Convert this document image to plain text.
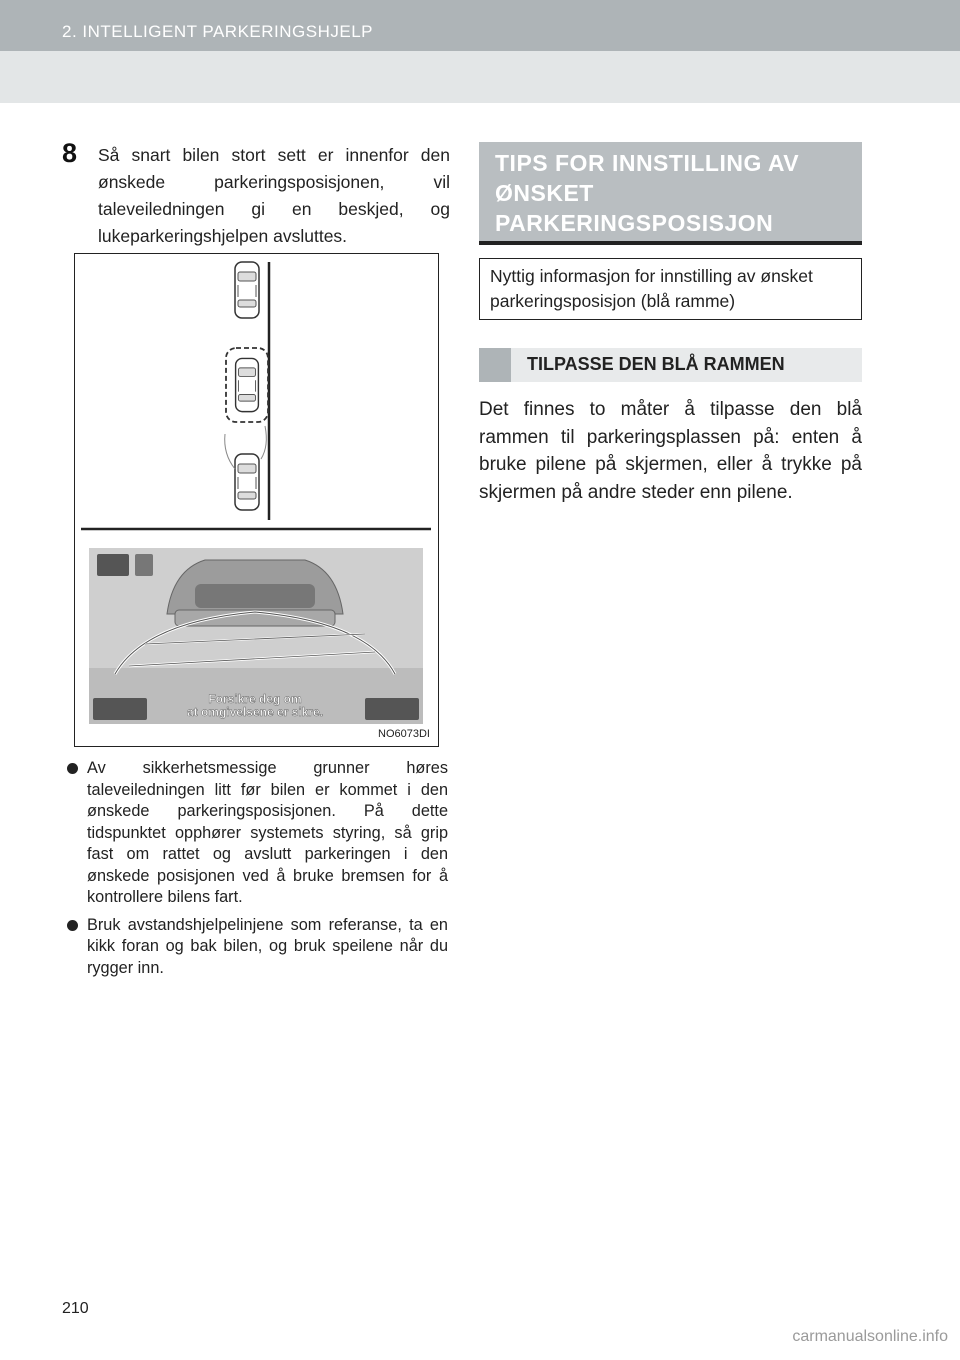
2. INTELLIGENT PARKERINGSHJELP
8 Så snart bilen stort sett er innenfor den ønskede parkeringsposisjonen, vil taleveiledningen gi en beskjed, og lukeparkeringshjelpen avsluttes.
Forsikre deg om
at omgivelsene er sikre.
NO6073DI
Av sikkerhetsmessige grunner høres taleveiledningen litt før bilen er kommet i den ønskede parkeringsposisjonen. På dette tidspunktet opphører systemets styring, så grip fast om rattet og avslutt parkeringen i den ønskede posisjonen ved å bruke bremsen for å kontrollere bilens fart.
Bruk avstandshjelpelinjene som referanse, ta en kikk foran og bak bilen, og bruk speilene når du rygger inn.
TIPS FOR INNSTILLING AV ØNSKET PARKERINGSPOSISJON
Nyttig informasjon for innstilling av ønsket parkeringsposisjon (blå ramme)
TILPASSE DEN BLÅ RAMMEN
Det finnes to måter å tilpasse den blå rammen til parkeringsplassen på: enten å bruke pilene på skjermen, eller å trykke på skjermen på andre steder enn pilene.
210
carmanualsonline.info
